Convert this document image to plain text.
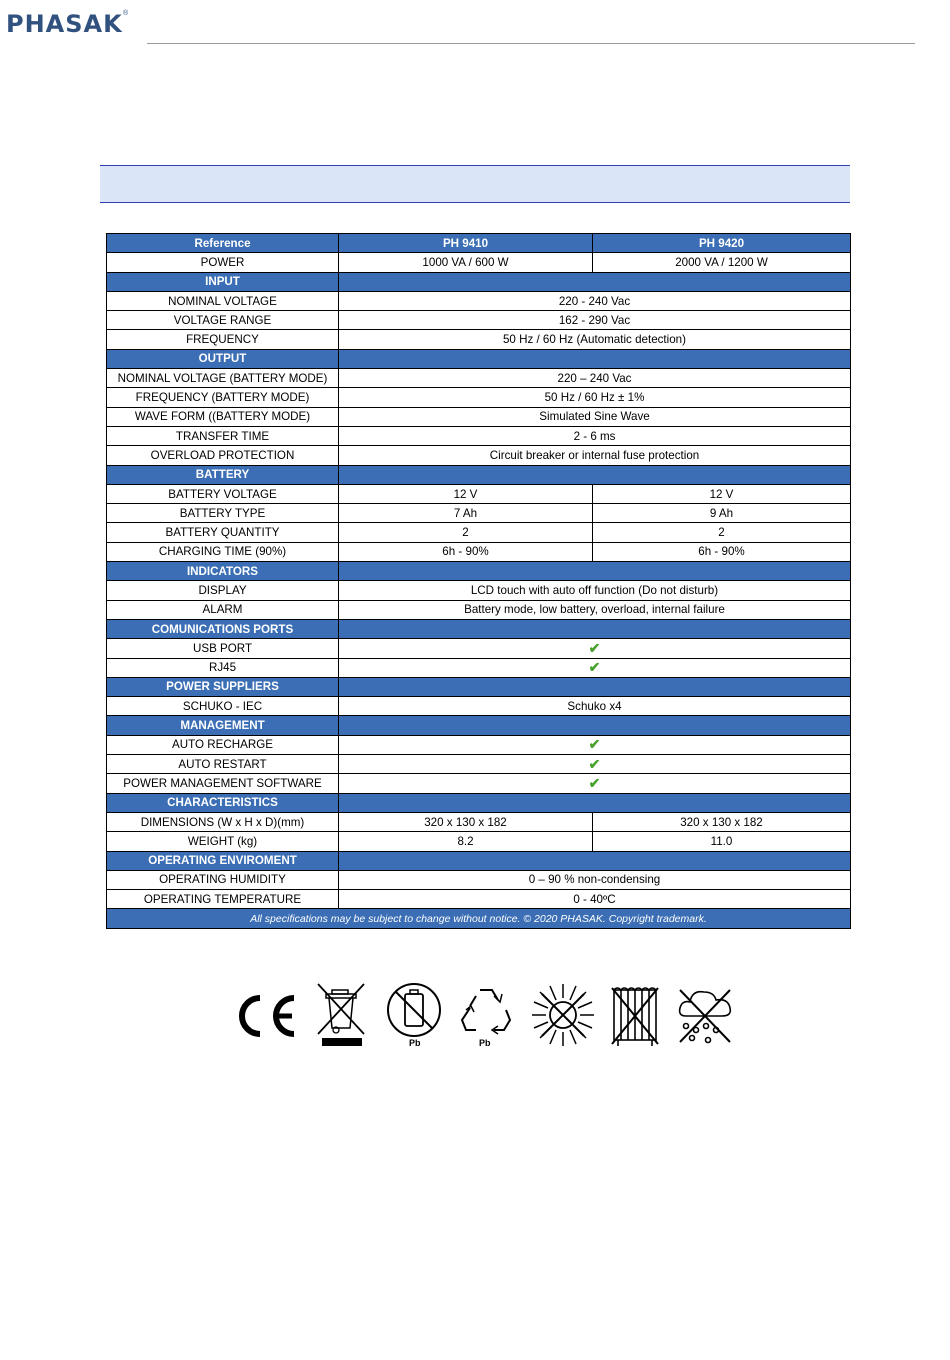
PHASAK ®
Reference	PH 9410	PH 9420
POWER	1000 VA / 600 W	2000 VA / 1200 W
INPUT		
NOMINAL VOLTAGE	220 - 240 Vac	
VOLTAGE RANGE	162 - 290 Vac	
FREQUENCY	50 Hz / 60 Hz (Automatic detection)	
OUTPUT		
NOMINAL VOLTAGE (BATTERY MODE)	220 – 240 Vac	
FREQUENCY (BATTERY MODE)	50 Hz / 60 Hz ± 1%	
WAVE FORM ((BATTERY MODE)	Simulated Sine Wave	
TRANSFER TIME	2 - 6 ms	
OVERLOAD PROTECTION	Circuit breaker or internal fuse protection	
BATTERY		
BATTERY VOLTAGE	12 V	12 V
BATTERY TYPE	7 Ah	9 Ah
BATTERY QUANTITY	2	2
CHARGING TIME (90%)	6h - 90%	6h - 90%
INDICATORS		
DISPLAY	LCD touch with auto off function (Do not disturb)	
ALARM	Battery mode, low battery, overload, internal failure	
COMUNICATIONS PORTS		
USB PORT	✔	
RJ45	✔	
POWER SUPPLIERS		
SCHUKO - IEC	Schuko x4	
MANAGEMENT		
AUTO RECHARGE	✔	
AUTO RESTART	✔	
POWER MANAGEMENT SOFTWARE	✔	
CHARACTERISTICS		
DIMENSIONS (W x H x D)(mm)	320 x 130 x 182	320 x 130 x 182
WEIGHT (kg)	8.2	11.0
OPERATING ENVIROMENT		
OPERATING HUMIDITY	0 – 90 % non-condensing	
OPERATING TEMPERATURE	0 - 40ºC	
All specifications may be subject to change without notice. © 2020 PHASAK. Copyright trademark.		
Pb	Pb
